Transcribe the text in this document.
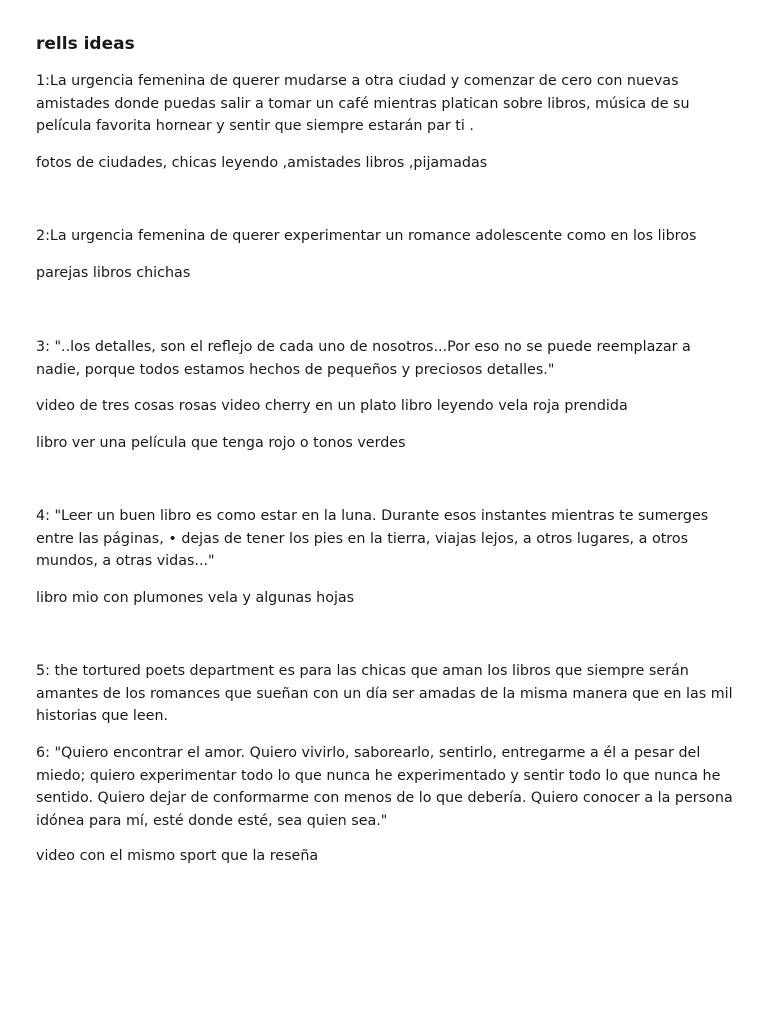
rells ideas

1:La urgencia femenina de querer mudarse a otra ciudad y comenzar de cero con nuevas amistades donde puedas salir a tomar un café mientras platican sobre libros, música de su película favorita hornear y sentir que siempre estarán par ti .

fotos de ciudades, chicas leyendo ,amistades libros ,pijamadas

2:La urgencia femenina de querer experimentar un romance adolescente como en los libros

parejas libros chichas

3: "..los detalles, son el reflejo de cada uno de nosotros...Por eso no se puede reemplazar a nadie, porque todos estamos hechos de pequeños y preciosos detalles."

video de tres cosas rosas video cherry en un plato libro leyendo vela roja prendida

libro ver una película que tenga rojo o tonos verdes

4: "Leer un buen libro es como estar en la luna. Durante esos instantes mientras te sumerges entre las páginas, • dejas de tener los pies en la tierra, viajas lejos, a otros lugares, a otros mundos, a otras vidas..."

libro mio con plumones vela y algunas hojas

5: the tortured poets department es para las chicas que aman los libros que siempre serán amantes de los romances que sueñan con un día ser amadas de la misma manera que en las mil historias que leen.

6: "Quiero encontrar el amor. Quiero vivirlo, saborearlo, sentirlo, entregarme a él a pesar del miedo; quiero experimentar todo lo que nunca he experimentado y sentir todo lo que nunca he sentido. Quiero dejar de conformarme con menos de lo que debería. Quiero conocer a la persona idónea para mí, esté donde esté, sea quien sea."

video con el mismo sport que la reseña
